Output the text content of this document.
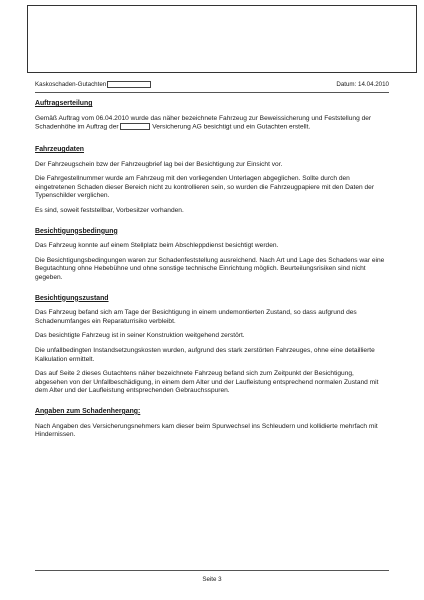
Kaskoschaden-Gutachten	Datum: 14.04.2010
Auftragserteilung

Gemäß Auftrag vom 06.04.2010 wurde das näher bezeichnete Fahrzeug zur Beweissicherung und Feststellung der Schadenhöhe im Auftrag der	Versicherung AG besichtigt und ein Gutachten erstellt.

Fahrzeugdaten

Der Fahrzeugschein bzw der Fahrzeugbrief lag bei der Besichtigung zur Einsicht vor.

Die Fahrgestellnummer wurde am Fahrzeug mit den vorliegenden Unterlagen abgeglichen. Sollte durch den eingetretenen Schaden dieser Bereich nicht zu kontrollieren sein, so wurden die Fahrzeugpapiere mit den Daten der Typenschilder verglichen.

Es sind, soweit feststellbar, Vorbesitzer vorhanden.

Besichtigungsbedingung

Das Fahrzeug konnte auf einem Stellplatz beim Abschleppdienst besichtigt werden.

Die Besichtigungsbedingungen waren zur Schadenfeststellung ausreichend. Nach Art und Lage des Schadens war eine Begutachtung ohne Hebebühne und ohne sonstige technische Einrichtung möglich. Beurteilungsrisiken sind nicht gegeben.

Besichtigungszustand

Das Fahrzeug befand sich am Tage der Besichtigung in einem undemontierten Zustand, so dass aufgrund des Schadenumfanges ein Reparaturrisiko verbleibt.

Das besichtigte Fahrzeug ist in seiner Konstruktion weitgehend zerstört.

Die unfallbedingten Instandsetzungskosten wurden, aufgrund des stark zerstörten Fahrzeuges, ohne eine detaillierte Kalkulation ermittelt.

Das auf Seite 2 dieses Gutachtens näher bezeichnete Fahrzeug befand sich zum Zeitpunkt der Besichtigung, abgesehen von der Unfallbeschädigung, in einem dem Alter und der Laufleistung entsprechend normalen Zustand mit dem Alter und der Laufleistung entsprechenden Gebrauchsspuren.

Angaben zum Schadenhergang:

Nach Angaben des Versicherungsnehmers kam dieser beim Spurwechsel ins Schleudern und kollidierte mehrfach mit Hindernissen.

Seite 3
